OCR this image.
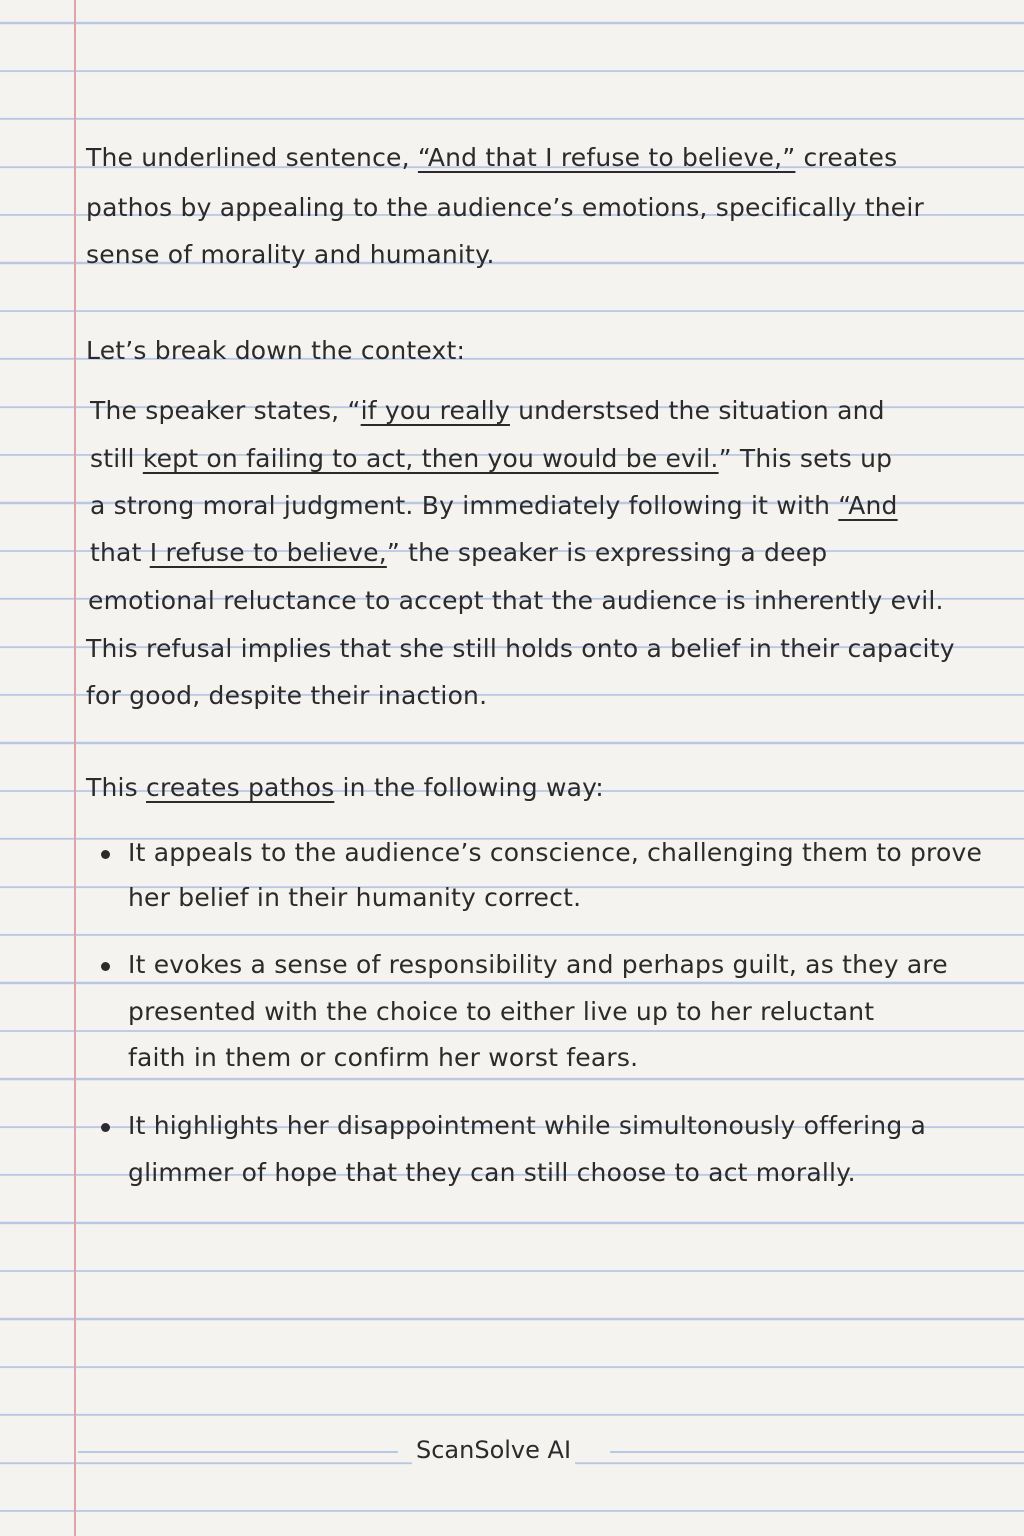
The underlined sentence, “And that I refuse to believe,” creates
pathos by appealing to the audience’s emotions, specifically their
sense of morality and humanity.
Let’s break down the context:
The speaker states, “if you really understsed the situation and
still kept on failing to act, then you would be evil.” This sets up
a strong moral judgment. By immediately following it with “And
that I refuse to believe,” the speaker is expressing a deep
emotional reluctance to accept that the audience is inherently evil.
This refusal implies that she still holds onto a belief in their capacity
for good, despite their inaction.
This creates pathos in the following way:
It appeals to the audience’s conscience, challenging them to prove
her belief in their humanity correct.
It evokes a sense of responsibility and perhaps guilt, as they are
presented with the choice to either live up to her reluctant
faith in them or confirm her worst fears.
It highlights her disappointment while simultonously offering a
glimmer of hope that they can still choose to act morally.
ScanSolve AI
